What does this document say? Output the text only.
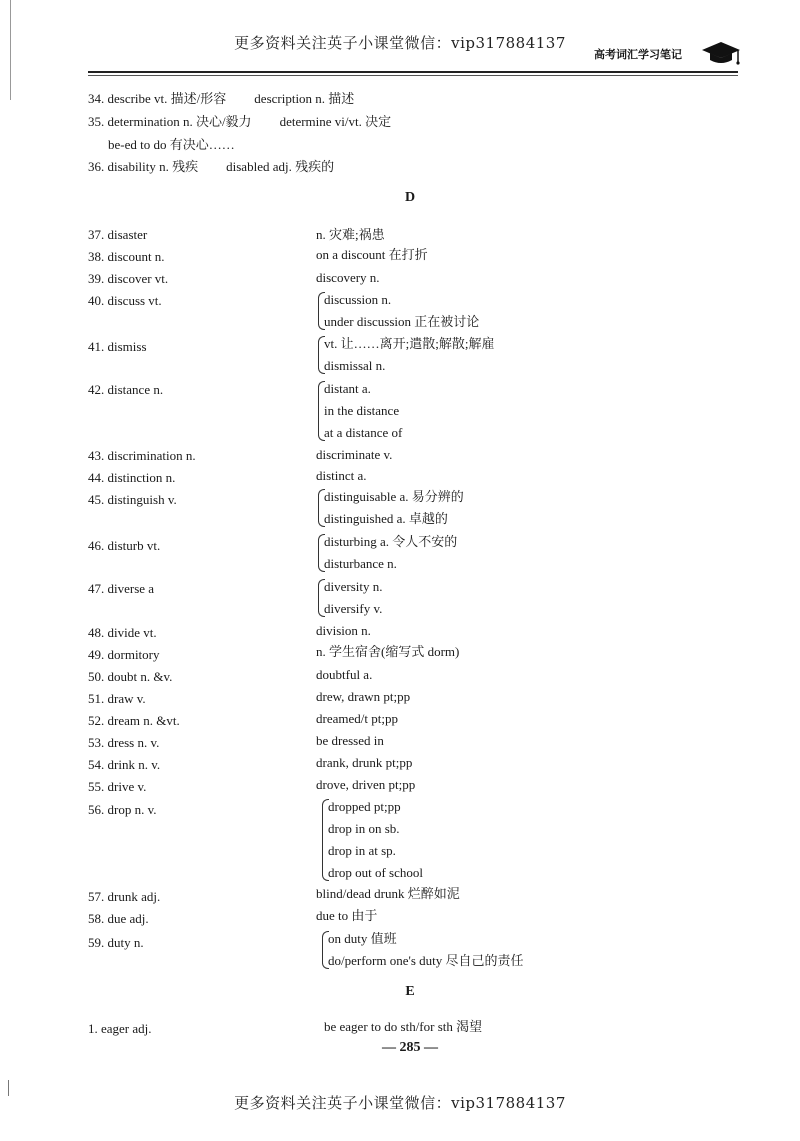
更多资料关注英子小课堂微信：vip317884137
高考词汇学习笔记
34. describe vt. 描述/形容 description n. 描述
35. determination n. 决心/毅力 determine vi/vt. 决定
be-ed to do 有决心……
36. disability n. 残疾 disabled adj. 残疾的
D
37. disaster	n. 灾难;祸患
38. discount n.	on a discount 在打折
39. discover vt.	discovery n.
40. discuss vt.	discussion n.
under discussion 正在被讨论
41. dismiss	vt. 让……离开;遣散;解散;解雇
dismissal n.
42. distance n.	distant a.
in the distance
at a distance of
43. discrimination n.	discriminate v.
44. distinction n.	distinct a.
45. distinguish v.	distinguisable a. 易分辨的
distinguished a. 卓越的
46. disturb vt.	disturbing a. 令人不安的
disturbance n.
47. diverse a	diversity n.
diversify v.
48. divide vt.	division n.
49. dormitory	n. 学生宿舍(缩写式 dorm)
50. doubt n. &v.	doubtful a.
51. draw v.	drew, drawn pt;pp
52. dream n. &vt.	dreamed/t pt;pp
53. dress n. v.	be dressed in
54. drink n. v.	drank, drunk pt;pp
55. drive v.	drove, driven pt;pp
56. drop n. v.	dropped pt;pp
drop in on sb.
drop in at sp.
drop out of school
57. drunk adj.	blind/dead drunk 烂醉如泥
58. due adj.	due to 由于
59. duty n.	on duty 值班
do/perform one's duty 尽自己的责任
E
1. eager adj.	be eager to do sth/for sth 渴望
— 285 —
更多资料关注英子小课堂微信：vip317884137
